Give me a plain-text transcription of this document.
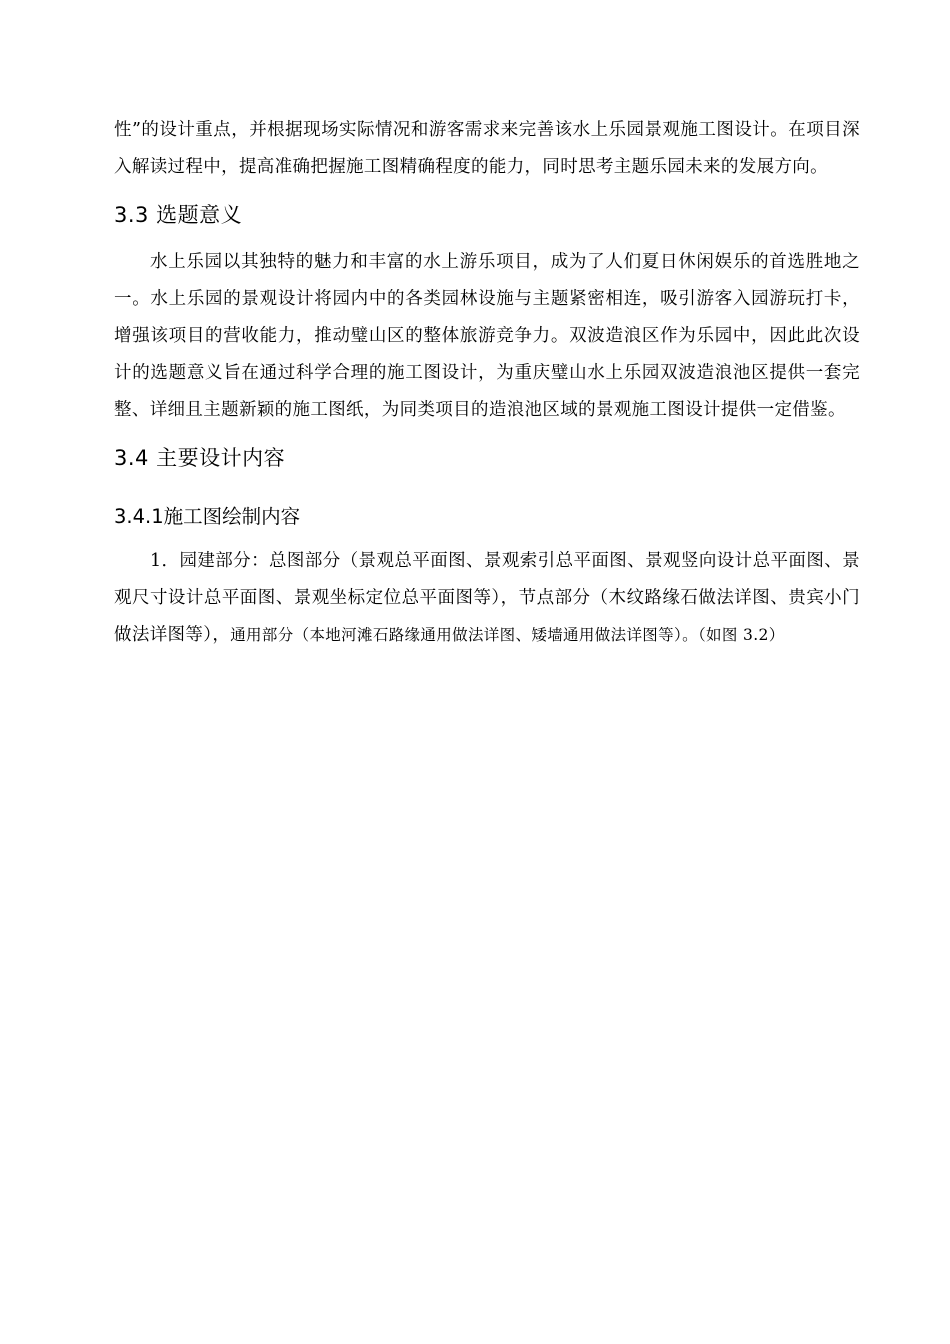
性”的设计重点，并根据现场实际情况和游客需求来完善该水上乐园景观施工图设计。在项目深入解读过程中，提高准确把握施工图精确程度的能力，同时思考主题乐园未来的发展方向。

3.3 选题意义

水上乐园以其独特的魅力和丰富的水上游乐项目，成为了人们夏日休闲娱乐的首选胜地之一。水上乐园的景观设计将园内中的各类园林设施与主题紧密相连，吸引游客入园游玩打卡，增强该项目的营收能力，推动璧山区的整体旅游竞争力。双波造浪区作为乐园中，因此此次设计的选题意义旨在通过科学合理的施工图设计，为重庆璧山水上乐园双波造浪池区提供一套完整、详细且主题新颖的施工图纸，为同类项目的造浪池区域的景观施工图设计提供一定借鉴。

3.4 主要设计内容
3.4.1施工图绘制内容

1．园建部分：总图部分（景观总平面图、景观索引总平面图、景观竖向设计总平面图、景观尺寸设计总平面图、景观坐标定位总平面图等），节点部分（木纹路缘石做法详图、贵宾小门做法详图等），通用部分（本地河滩石路缘通用做法详图、矮墙通用做法详图等）。（如图 3.2）
